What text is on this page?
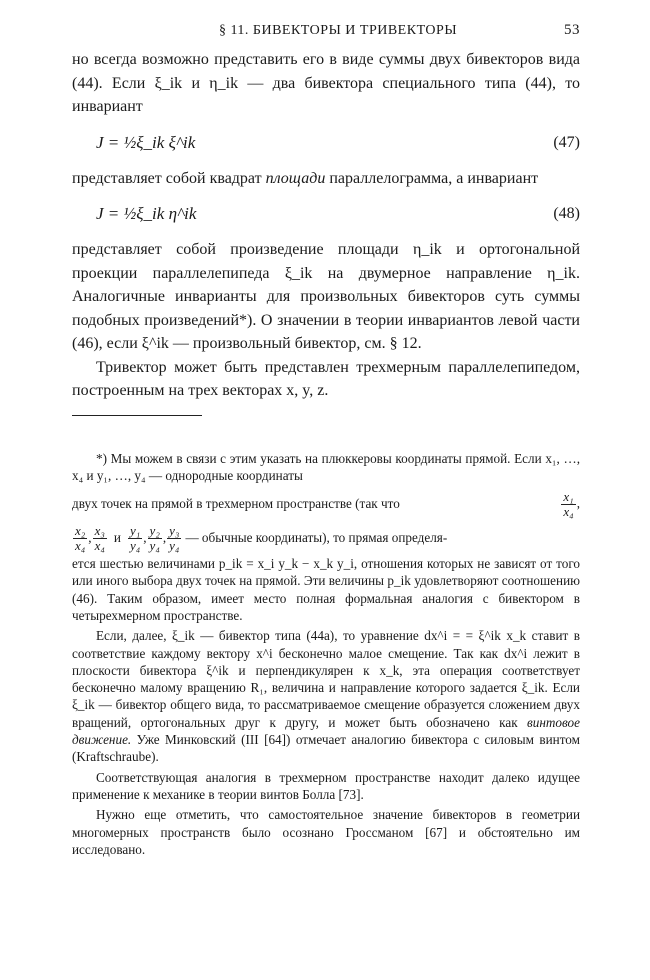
§ 11. БИВЕКТОРЫ И ТРИВЕКТОРЫ	53

но всегда возможно представить его в виде суммы двух бивекторов вида (44). Если ξ_ik и η_ik — два бивектора специального типа (44), то инвариант

J = ½ξ_ik ξ^ik	(47)

представляет собой квадрат площади параллелограмма, а инвариант

J = ½ξ_ik η^ik	(48)

представляет собой произведение площади η_ik и ортогональной проекции параллелепипеда ξ_ik на двумерное направление η_ik. Аналогичные инварианты для произвольных бивекторов суть суммы подобных произведений*). О значении в теории инвариантов левой части (46), если ξ^ik — произвольный бивектор, см. § 12.

Тривектор может быть представлен трехмерным параллелепипедом, построенным на трех векторах x, y, z.

*) Мы можем в связи с этим указать на плюккеровы координаты прямой. Если x₁, …, x₄ и y₁, …, y₄ — однородные координаты

двух точек на прямой в трехмерном пространстве (так что	$\frac{\text{x₁}}{\text{x₄}}$ ,
$\frac{\text{x₂}}{\text{x₄}}$ , $\frac{\text{x₃}}{\text{x₄}}$ и $\frac{\text{y₁}}{\text{y₄}}$ , $\frac{\text{y₂}}{\text{y₄}}$ , $\frac{\text{y₃}}{\text{y₄}}$ — обычные координаты), то прямая определя-

ется шестью величинами p_ik = x_i y_k − x_k y_i, отношения которых не зависят от того или иного выбора двух точек на прямой. Эти величины p_ik удовлетворяют соотношению (46). Таким образом, имеет место полная формальная аналогия с бивектором в четырехмерном пространстве.

Если, далее, ξ_ik — бивектор типа (44а), то уравнение dx^i = = ξ^ik x_k ставит в соответствие каждому вектору x^i бесконечно малое смещение. Так как dx^i лежит в плоскости бивектора ξ^ik и перпендикулярен к x_k, эта операция соответствует бесконечно малому вращению R₁, величина и направление которого задается ξ_ik. Если ξ_ik — бивектор общего вида, то рассматриваемое смещение образуется сложением двух вращений, ортогональных друг к другу, и может быть обозначено как винтовое движение. Уже Минковский (III [64]) отмечает аналогию бивектора с силовым винтом (Kraftschraube).

Соответствующая аналогия в трехмерном пространстве находит далеко идущее применение к механике в теории винтов Болла [73].

Нужно еще отметить, что самостоятельное значение бивекторов в геометрии многомерных пространств было осознано Гроссманом [67] и обстоятельно им исследовано.
